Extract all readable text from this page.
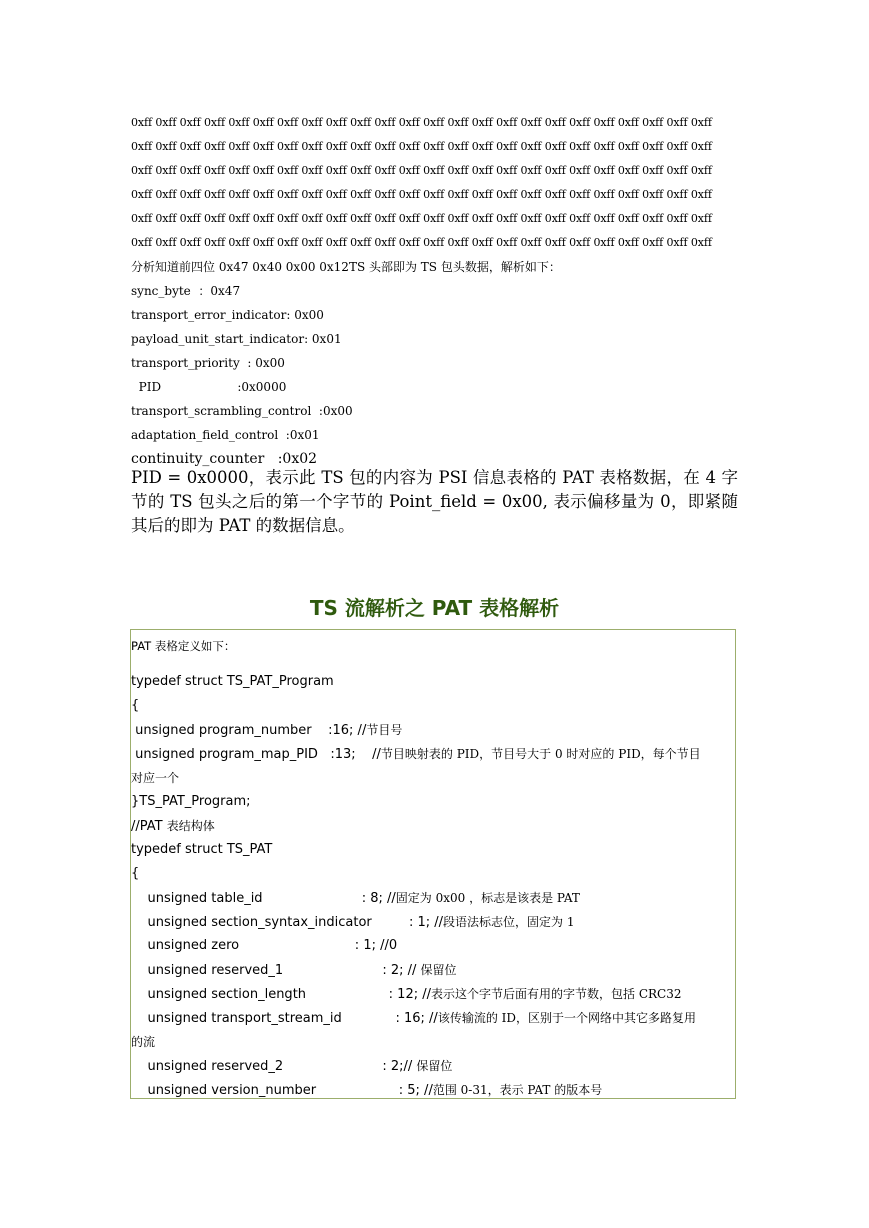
0xff 0xff 0xff 0xff 0xff 0xff 0xff 0xff 0xff 0xff 0xff 0xff 0xff 0xff 0xff 0xff 0xff 0xff 0xff 0xff 0xff 0xff 0xff 0xff
0xff 0xff 0xff 0xff 0xff 0xff 0xff 0xff 0xff 0xff 0xff 0xff 0xff 0xff 0xff 0xff 0xff 0xff 0xff 0xff 0xff 0xff 0xff 0xff
0xff 0xff 0xff 0xff 0xff 0xff 0xff 0xff 0xff 0xff 0xff 0xff 0xff 0xff 0xff 0xff 0xff 0xff 0xff 0xff 0xff 0xff 0xff 0xff
0xff 0xff 0xff 0xff 0xff 0xff 0xff 0xff 0xff 0xff 0xff 0xff 0xff 0xff 0xff 0xff 0xff 0xff 0xff 0xff 0xff 0xff 0xff 0xff
0xff 0xff 0xff 0xff 0xff 0xff 0xff 0xff 0xff 0xff 0xff 0xff 0xff 0xff 0xff 0xff 0xff 0xff 0xff 0xff 0xff 0xff 0xff 0xff
0xff 0xff 0xff 0xff 0xff 0xff 0xff 0xff 0xff 0xff 0xff 0xff 0xff 0xff 0xff 0xff 0xff 0xff 0xff 0xff 0xff 0xff 0xff 0xff
分析知道前四位 0x47 0x40 0x00 0x12TS 头部即为 TS 包头数据，解析如下：
sync_byte  ：0x47
transport_error_indicator: 0x00
payload_unit_start_indicator: 0x01
transport_priority  : 0x00
PID                    :0x0000
transport_scrambling_control  :0x00
adaptation_field_control  :0x01
continuity_counter   :0x02
PID = 0x0000，表示此 TS 包的内容为 PSI 信息表格的 PAT 表格数据，在 4 字节的 TS 包头之后的第一个字节的 Point_field = 0x00, 表示偏移量为 0，即紧随其后的即为 PAT 的数据信息。
TS 流解析之 PAT 表格解析
PAT 表格定义如下：
typedef struct TS_PAT_Program
{
unsigned program_number    :16; //节目号
unsigned program_map_PID   :13;    //节目映射表的 PID，节目号大于 0 时对应的 PID，每个节目
对应一个
}TS_PAT_Program;
//PAT 表结构体
typedef struct TS_PAT
{
unsigned table_id                        : 8; //固定为 0x00 ，标志是该表是 PAT
unsigned section_syntax_indicator         : 1; //段语法标志位，固定为 1
unsigned zero                            : 1; //0
unsigned reserved_1                        : 2; // 保留位
unsigned section_length                    : 12; //表示这个字节后面有用的字节数，包括 CRC32
unsigned transport_stream_id             : 16; //该传输流的 ID，区别于一个网络中其它多路复用
的流
unsigned reserved_2                        : 2;// 保留位
unsigned version_number                    : 5; //范围 0-31，表示 PAT 的版本号
